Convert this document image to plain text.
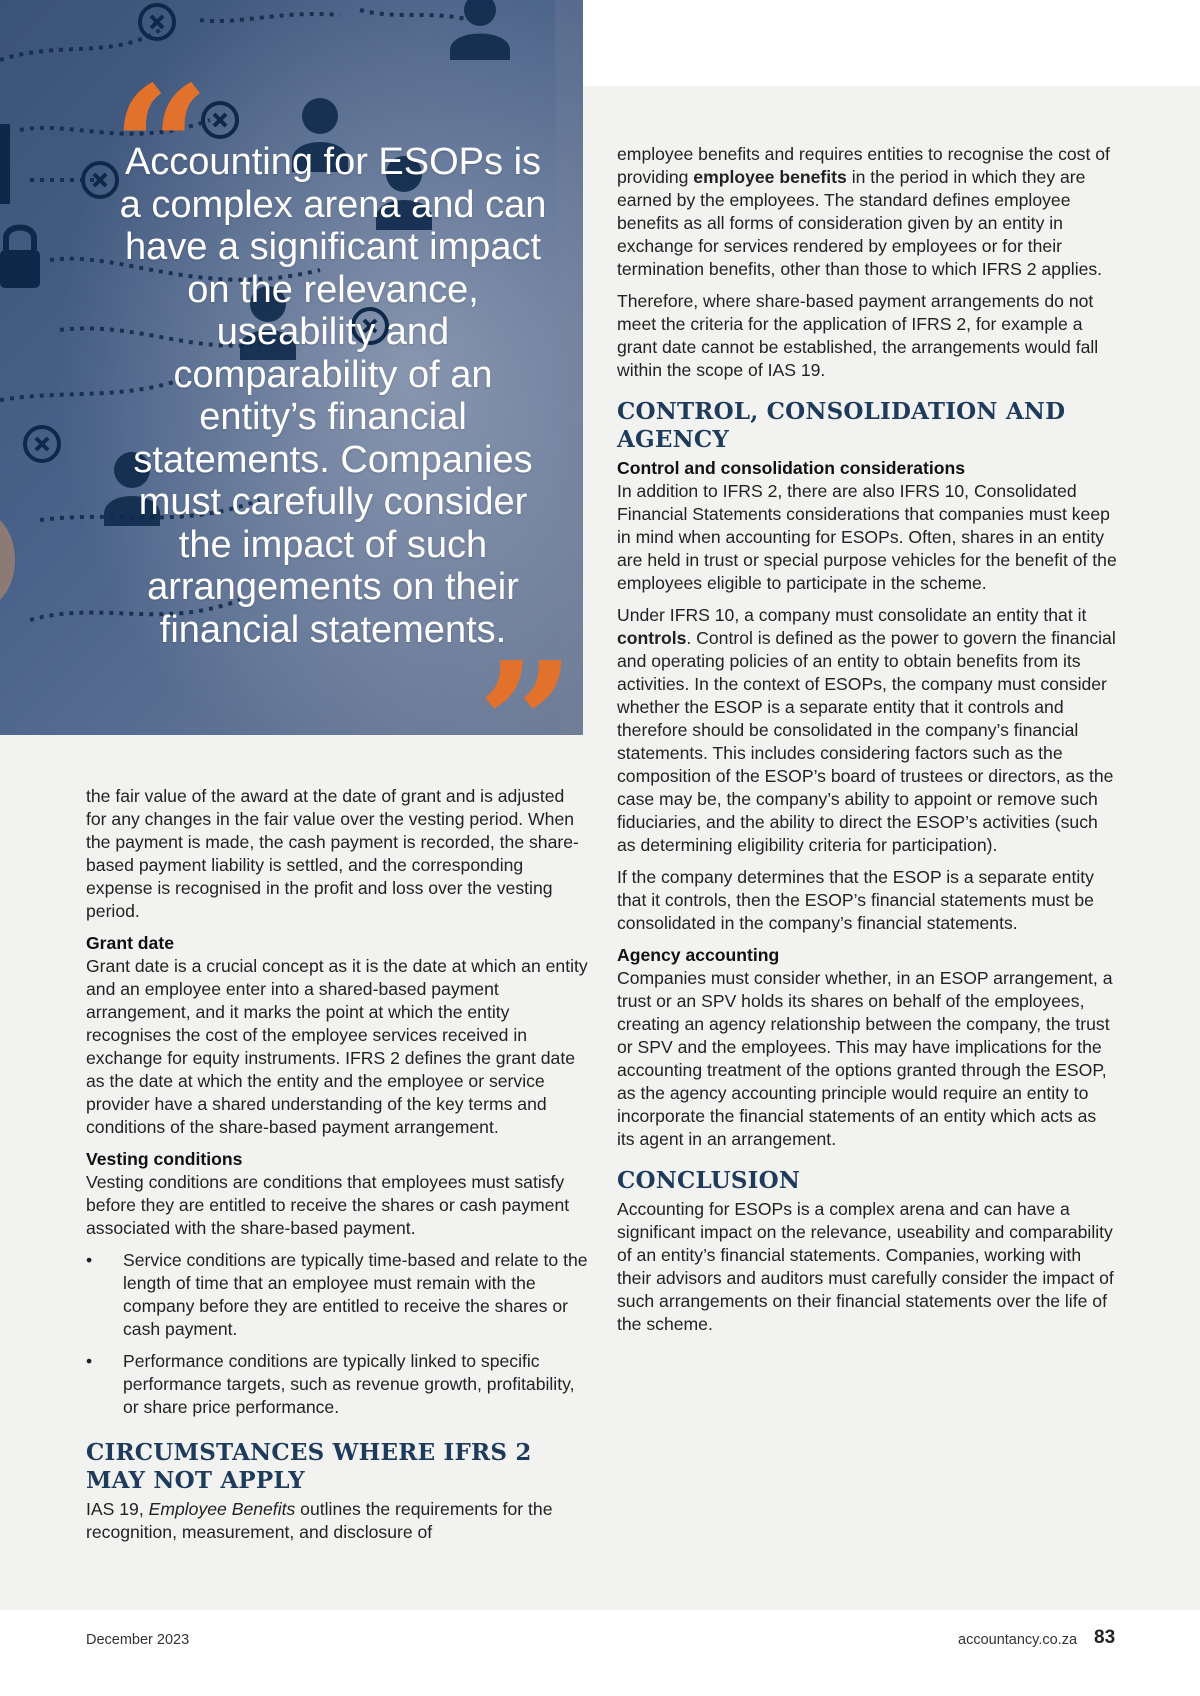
Accounting for ESOPs is a complex arena and can have a significant impact on the relevance, useability and comparability of an entity’s financial statements. Companies must carefully consider the impact of such arrangements on their financial statements.
”

the fair value of the award at the date of grant and is adjusted for any changes in the fair value over the vesting period. When the payment is made, the cash payment is recorded, the share-based payment liability is settled, and the corresponding expense is recognised in the profit and loss over the vesting period.

Grant date

Grant date is a crucial concept as it is the date at which an entity and an employee enter into a shared-based payment arrangement, and it marks the point at which the entity recognises the cost of the employee services received in exchange for equity instruments. IFRS 2 defines the grant date as the date at which the entity and the employee or service provider have a shared understanding of the key terms and conditions of the share-based payment arrangement.

Vesting conditions

Vesting conditions are conditions that employees must satisfy before they are entitled to receive the shares or cash payment associated with the share-based payment.

• Service conditions are typically time-based and relate to the length of time that an employee must remain with the company before they are entitled to receive the shares or cash payment.
• Performance conditions are typically linked to specific performance targets, such as revenue growth, profitability, or share price performance.
CIRCUMSTANCES WHERE IFRS 2 MAY NOT APPLY

IAS 19, Employee Benefits outlines the requirements for the recognition, measurement, and disclosure of

employee benefits and requires entities to recognise the cost of providing employee benefits in the period in which they are earned by the employees. The standard defines employee benefits as all forms of consideration given by an entity in exchange for services rendered by employees or for their termination benefits, other than those to which IFRS 2 applies.

Therefore, where share-based payment arrangements do not meet the criteria for the application of IFRS 2, for example a grant date cannot be established, the arrangements would fall within the scope of IAS 19.

CONTROL, CONSOLIDATION AND AGENCY
Control and consolidation considerations

In addition to IFRS 2, there are also IFRS 10, Consolidated Financial Statements considerations that companies must keep in mind when accounting for ESOPs. Often, shares in an entity are held in trust or special purpose vehicles for the benefit of the employees eligible to participate in the scheme.

Under IFRS 10, a company must consolidate an entity that it controls. Control is defined as the power to govern the financial and operating policies of an entity to obtain benefits from its activities. In the context of ESOPs, the company must consider whether the ESOP is a separate entity that it controls and therefore should be consolidated in the company’s financial statements. This includes considering factors such as the composition of the ESOP’s board of trustees or directors, as the case may be, the company’s ability to appoint or remove such fiduciaries, and the ability to direct the ESOP’s activities (such as determining eligibility criteria for participation).

If the company determines that the ESOP is a separate entity that it controls, then the ESOP’s financial statements must be consolidated in the company’s financial statements.

Agency accounting

Companies must consider whether, in an ESOP arrangement, a trust or an SPV holds its shares on behalf of the employees, creating an agency relationship between the company, the trust or SPV and the employees. This may have implications for the accounting treatment of the options granted through the ESOP, as the agency accounting principle would require an entity to incorporate the financial statements of an entity which acts as its agent in an arrangement.

CONCLUSION

Accounting for ESOPs is a complex arena and can have a significant impact on the relevance, useability and comparability of an entity’s financial statements. Companies, working with their advisors and auditors must carefully consider the impact of such arrangements on their financial statements over the life of the scheme.

December 2023	accountancy.co.za 83
